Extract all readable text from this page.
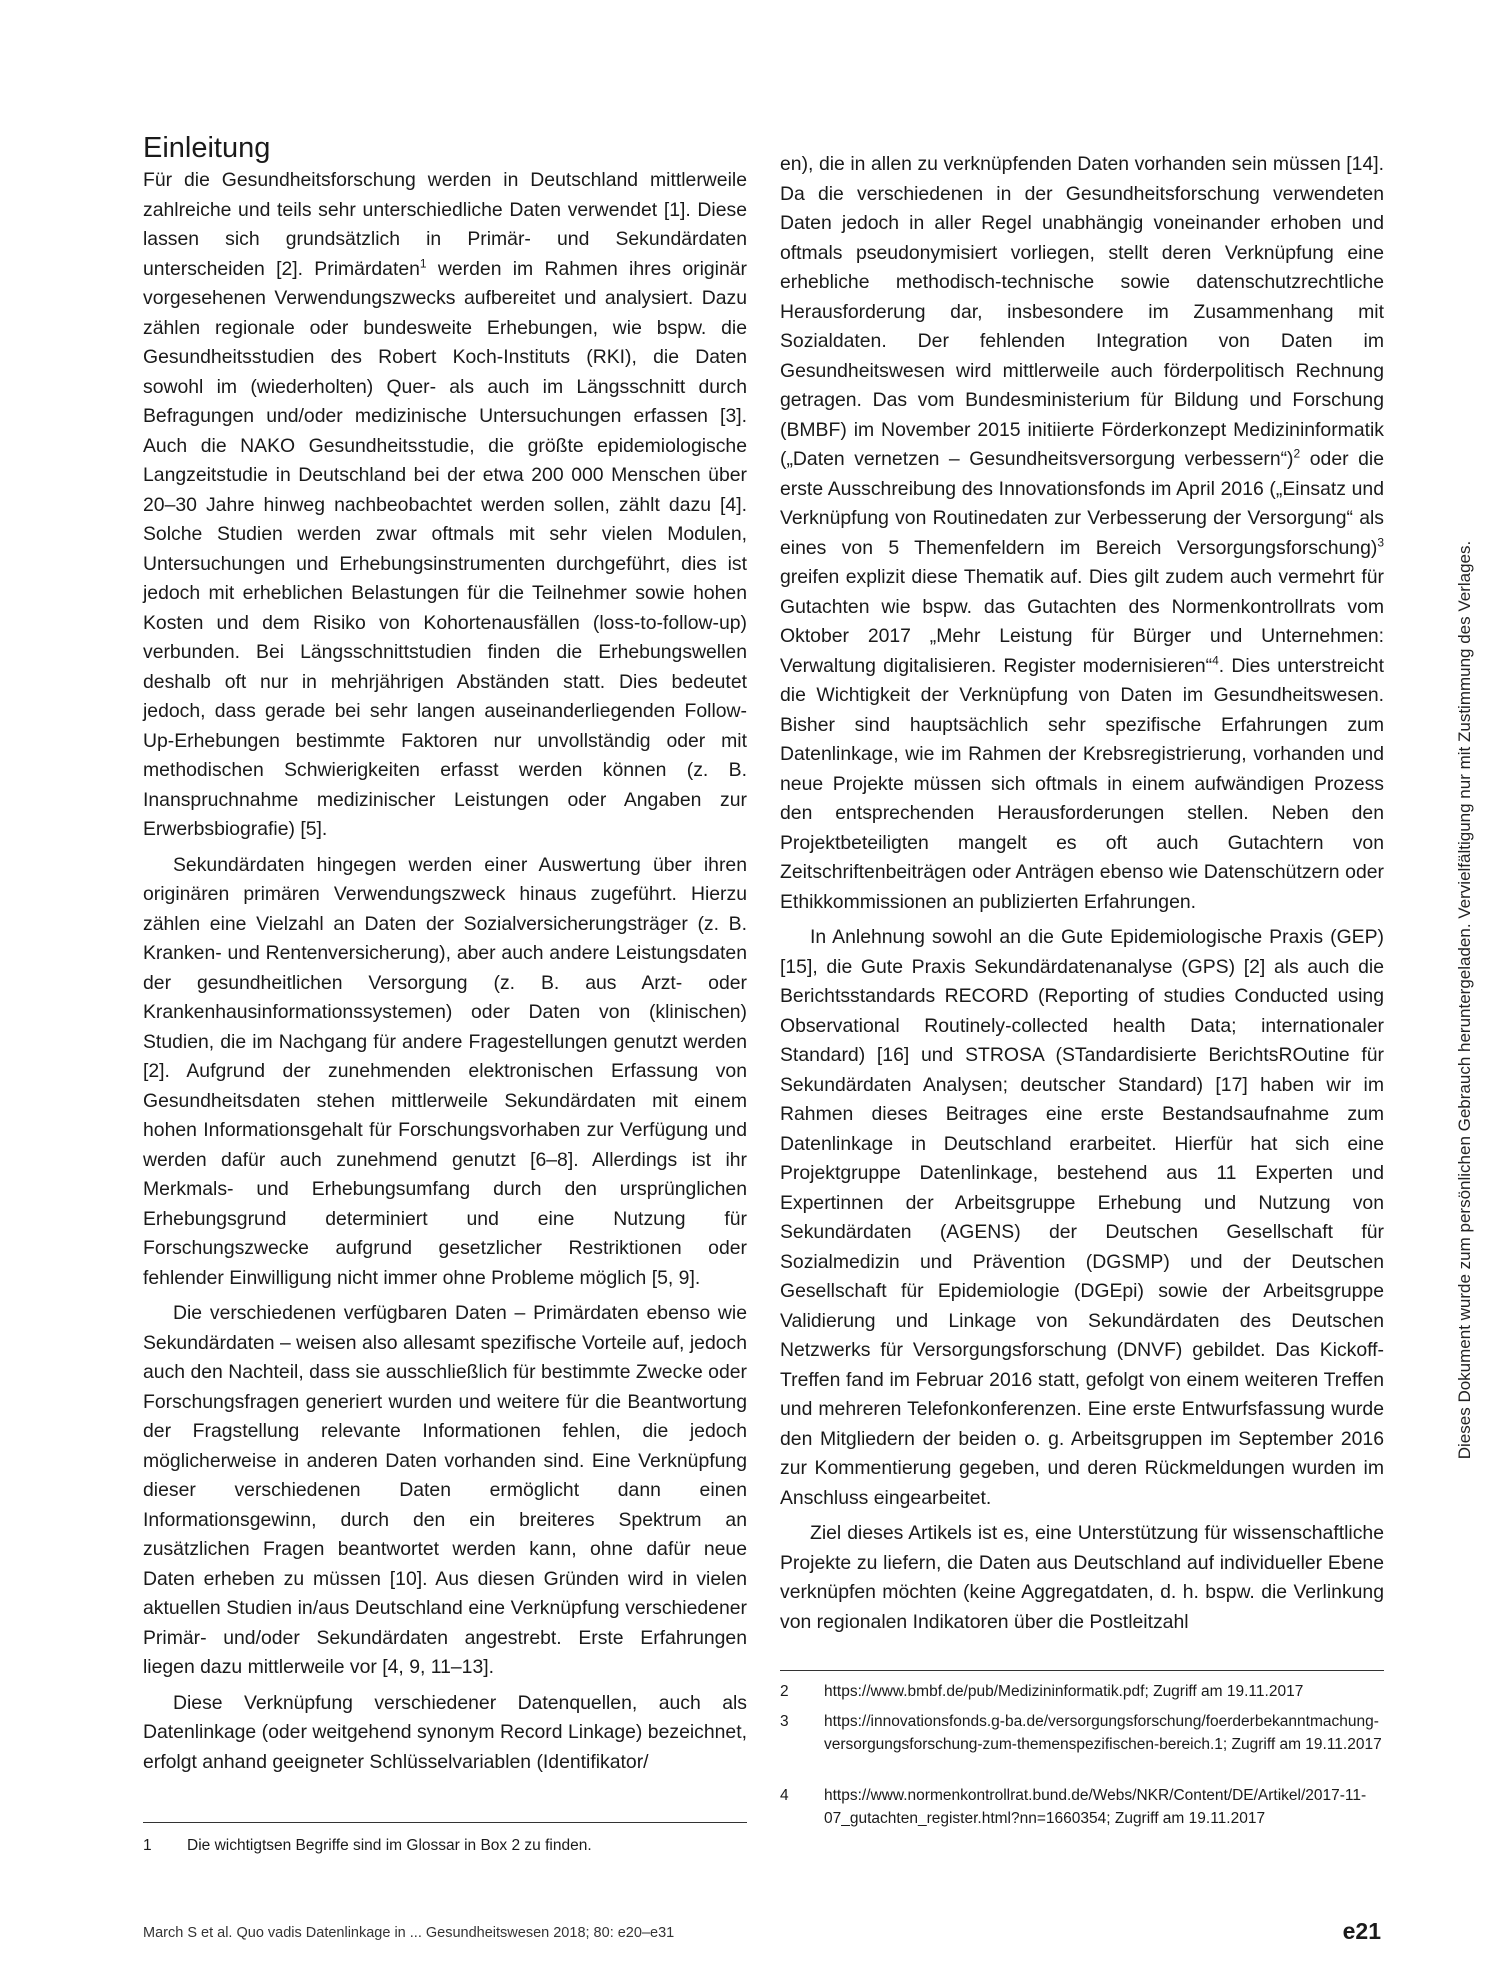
Einleitung

Für die Gesundheitsforschung werden in Deutschland mittlerweile zahlreiche und teils sehr unterschiedliche Daten verwendet [1]. Diese lassen sich grundsätzlich in Primär- und Sekundärdaten unterscheiden [2]. Primärdaten$^1$ werden im Rahmen ihres originär vorgesehenen Verwendungszwecks aufbereitet und analysiert. Dazu zählen regionale oder bundesweite Erhebungen, wie bspw. die Gesundheitsstudien des Robert Koch-Instituts (RKI), die Daten sowohl im (wiederholten) Quer- als auch im Längsschnitt durch Befragungen und/oder medizinische Untersuchungen erfassen [3]. Auch die NAKO Gesundheitsstudie, die größte epidemiologische Langzeitstudie in Deutschland bei der etwa 200 000 Menschen über 20–30 Jahre hinweg nachbeobachtet werden sollen, zählt dazu [4]. Solche Studien werden zwar oftmals mit sehr vielen Modulen, Untersuchungen und Erhebungsinstrumenten durchgeführt, dies ist jedoch mit erheblichen Belastungen für die Teilnehmer sowie hohen Kosten und dem Risiko von Kohortenausfällen (loss-to-follow-up) verbunden. Bei Längsschnittstudien finden die Erhebungswellen deshalb oft nur in mehrjährigen Abständen statt. Dies bedeutet jedoch, dass gerade bei sehr langen auseinanderliegenden Follow-Up-Erhebungen bestimmte Faktoren nur unvollständig oder mit methodischen Schwierigkeiten erfasst werden können (z. B. Inanspruchnahme medizinischer Leistungen oder Angaben zur Erwerbsbiografie) [5].

Sekundärdaten hingegen werden einer Auswertung über ihren originären primären Verwendungszweck hinaus zugeführt. Hierzu zählen eine Vielzahl an Daten der Sozialversicherungsträger (z. B. Kranken- und Rentenversicherung), aber auch andere Leistungsdaten der gesundheitlichen Versorgung (z. B. aus Arzt- oder Krankenhausinformationssystemen) oder Daten von (klinischen) Studien, die im Nachgang für andere Fragestellungen genutzt werden [2]. Aufgrund der zunehmenden elektronischen Erfassung von Gesundheitsdaten stehen mittlerweile Sekundärdaten mit einem hohen Informationsgehalt für Forschungsvorhaben zur Verfügung und werden dafür auch zunehmend genutzt [6–8]. Allerdings ist ihr Merkmals- und Erhebungsumfang durch den ursprünglichen Erhebungsgrund determiniert und eine Nutzung für Forschungszwecke aufgrund gesetzlicher Restriktionen oder fehlender Einwilligung nicht immer ohne Probleme möglich [5, 9].

Die verschiedenen verfügbaren Daten – Primärdaten ebenso wie Sekundärdaten – weisen also allesamt spezifische Vorteile auf, jedoch auch den Nachteil, dass sie ausschließlich für bestimmte Zwecke oder Forschungsfragen generiert wurden und weitere für die Beantwortung der Fragstellung relevante Informationen fehlen, die jedoch möglicherweise in anderen Daten vorhanden sind. Eine Verknüpfung dieser verschiedenen Daten ermöglicht dann einen Informationsgewinn, durch den ein breiteres Spektrum an zusätzlichen Fragen beantwortet werden kann, ohne dafür neue Daten erheben zu müssen [10]. Aus diesen Gründen wird in vielen aktuellen Studien in/aus Deutschland eine Verknüpfung verschiedener Primär- und/oder Sekundärdaten angestrebt. Erste Erfahrungen liegen dazu mittlerweile vor [4, 9, 11–13].

Diese Verknüpfung verschiedener Datenquellen, auch als Datenlinkage (oder weitgehend synonym Record Linkage) bezeichnet, erfolgt anhand geeigneter Schlüsselvariablen (Identifikator/

en), die in allen zu verknüpfenden Daten vorhanden sein müssen [14]. Da die verschiedenen in der Gesundheitsforschung verwendeten Daten jedoch in aller Regel unabhängig voneinander erhoben und oftmals pseudonymisiert vorliegen, stellt deren Verknüpfung eine erhebliche methodisch-technische sowie datenschutzrechtliche Herausforderung dar, insbesondere im Zusammenhang mit Sozialdaten. Der fehlenden Integration von Daten im Gesundheitswesen wird mittlerweile auch förderpolitisch Rechnung getragen. Das vom Bundesministerium für Bildung und Forschung (BMBF) im November 2015 initiierte Förderkonzept Medizininformatik („Daten vernetzen – Gesundheitsversorgung verbessern“)$^2$ oder die erste Ausschreibung des Innovationsfonds im April 2016 („Einsatz und Verknüpfung von Routinedaten zur Verbesserung der Versorgung“ als eines von 5 Themenfeldern im Bereich Versorgungsforschung)$^3$ greifen explizit diese Thematik auf. Dies gilt zudem auch vermehrt für Gutachten wie bspw. das Gutachten des Normenkontrollrats vom Oktober 2017 „Mehr Leistung für Bürger und Unternehmen: Verwaltung digitalisieren. Register modernisieren“$^4$. Dies unterstreicht die Wichtigkeit der Verknüpfung von Daten im Gesundheitswesen. Bisher sind hauptsächlich sehr spezifische Erfahrungen zum Datenlinkage, wie im Rahmen der Krebsregistrierung, vorhanden und neue Projekte müssen sich oftmals in einem aufwändigen Prozess den entsprechenden Herausforderungen stellen. Neben den Projektbeteiligten mangelt es oft auch Gutachtern von Zeitschriftenbeiträgen oder Anträgen ebenso wie Datenschützern oder Ethikkommissionen an publizierten Erfahrungen.

In Anlehnung sowohl an die Gute Epidemiologische Praxis (GEP) [15], die Gute Praxis Sekundärdatenanalyse (GPS) [2] als auch die Berichtsstandards RECORD (Reporting of studies Conducted using Observational Routinely-collected health Data; internationaler Standard) [16] und STROSA (STandardisierte BerichtsROutine für Sekundärdaten Analysen; deutscher Standard) [17] haben wir im Rahmen dieses Beitrages eine erste Bestandsaufnahme zum Datenlinkage in Deutschland erarbeitet. Hierfür hat sich eine Projektgruppe Datenlinkage, bestehend aus 11 Experten und Expertinnen der Arbeitsgruppe Erhebung und Nutzung von Sekundärdaten (AGENS) der Deutschen Gesellschaft für Sozialmedizin und Prävention (DGSMP) und der Deutschen Gesellschaft für Epidemiologie (DGEpi) sowie der Arbeitsgruppe Validierung und Linkage von Sekundärdaten des Deutschen Netzwerks für Versorgungsforschung (DNVF) gebildet. Das Kickoff-Treffen fand im Februar 2016 statt, gefolgt von einem weiteren Treffen und mehreren Telefonkonferenzen. Eine erste Entwurfsfassung wurde den Mitgliedern der beiden o. g. Arbeitsgruppen im September 2016 zur Kommentierung gegeben, und deren Rückmeldungen wurden im Anschluss eingearbeitet.

Ziel dieses Artikels ist es, eine Unterstützung für wissenschaftliche Projekte zu liefern, die Daten aus Deutschland auf individueller Ebene verknüpfen möchten (keine Aggregatdaten, d. h. bspw. die Verlinkung von regionalen Indikatoren über die Postleitzahl

1 Die wichtigtsen Begriffe sind im Glossar in Box 2 zu finden.
2 https://www.bmbf.de/pub/Medizininformatik.pdf; Zugriff am 19.11.2017
3 https://innovationsfonds.g-ba.de/versorgungsforschung/foerderbekanntmachung-versorgungsforschung-zum-themenspezifischen-bereich.1; Zugriff am 19.11.2017
4 https://www.normenkontrollrat.bund.de/Webs/NKR/Content/DE/Artikel/2017-11-07_gutachten_register.html?nn=1660354; Zugriff am 19.11.2017
March S et al. Quo vadis Datenlinkage in ... Gesundheitswesen 2018; 80: e20–e31	e21
Dieses Dokument wurde zum persönlichen Gebrauch heruntergeladen. Vervielfältigung nur mit Zustimmung des Verlages.
